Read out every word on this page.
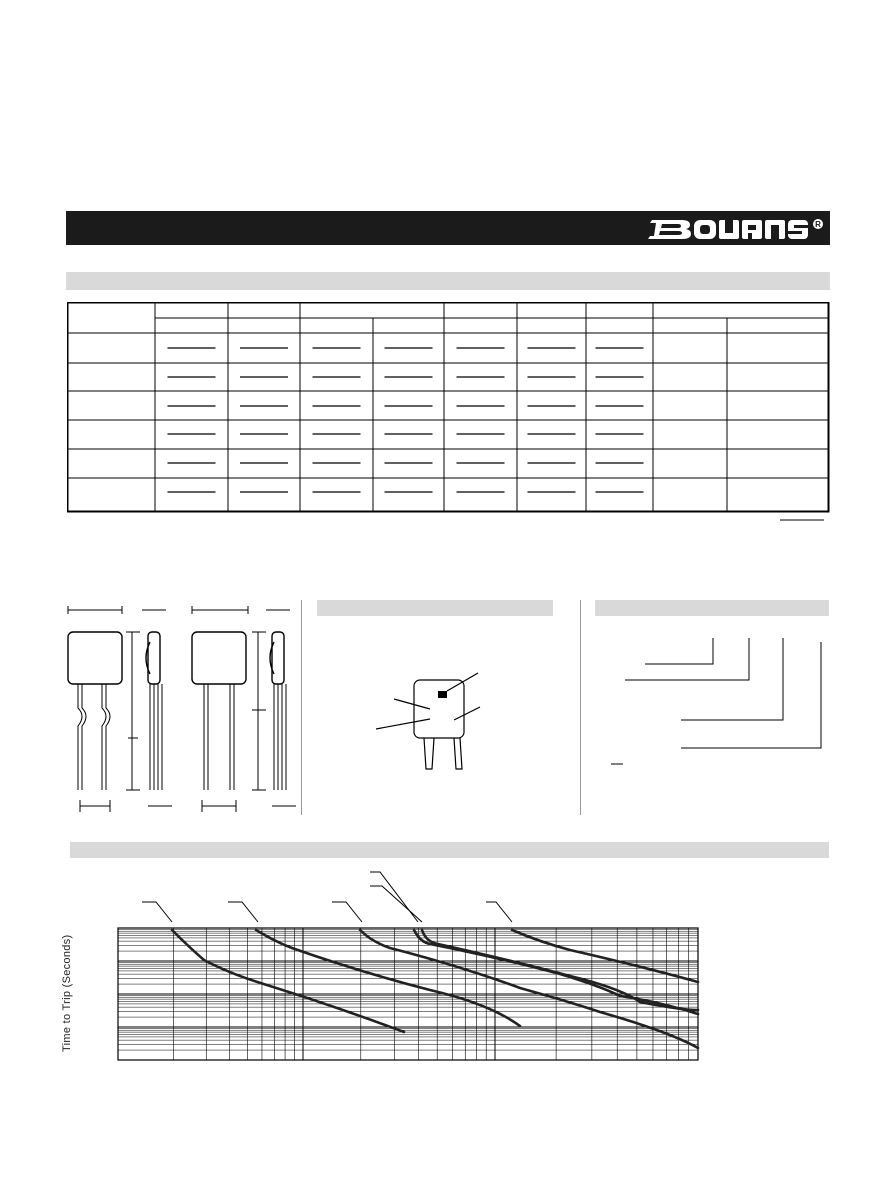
R
Time to Trip (Seconds)
